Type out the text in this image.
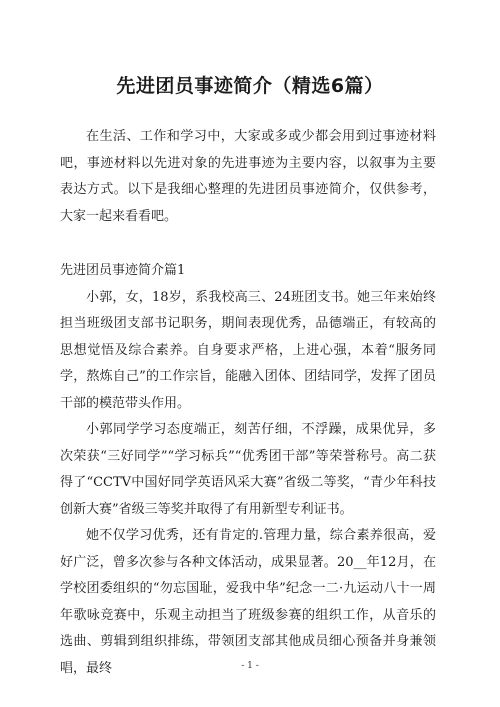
先进团员事迹简介（精选6篇）

在生活、工作和学习中，大家或多或少都会用到过事迹材料吧，事迹材料以先进对象的先进事迹为主要内容，以叙事为主要表达方式。以下是我细心整理的先进团员事迹简介，仅供参考，大家一起来看看吧。

先进团员事迹简介篇1

小郭，女，18岁，系我校高三、24班团支书。她三年来始终担当班级团支部书记职务，期间表现优秀，品德端正，有较高的思想觉悟及综合素养。自身要求严格，上进心强，本着“服务同学，熬炼自己”的工作宗旨，能融入团体、团结同学，发挥了团员干部的模范带头作用。

小郭同学学习态度端正，刻苦仔细，不浮躁，成果优异，多次荣获“三好同学”“学习标兵”“优秀团干部”等荣誉称号。高二获得了“CCTV中国好同学英语风采大赛”省级二等奖，“青少年科技创新大赛”省级三等奖并取得了有用新型专利证书。

她不仅学习优秀，还有肯定的.管理力量，综合素养很高，爱好广泛，曾多次参与各种文体活动，成果显著。20__年12月，在学校团委组织的“勿忘国耻，爱我中华”纪念一二·九运动八十一周年歌咏竞赛中，乐观主动担当了班级参赛的组织工作，从音乐的选曲、剪辑到组织排练，带领团支部其他成员细心预备并身兼领唱，最终	- 1 -
